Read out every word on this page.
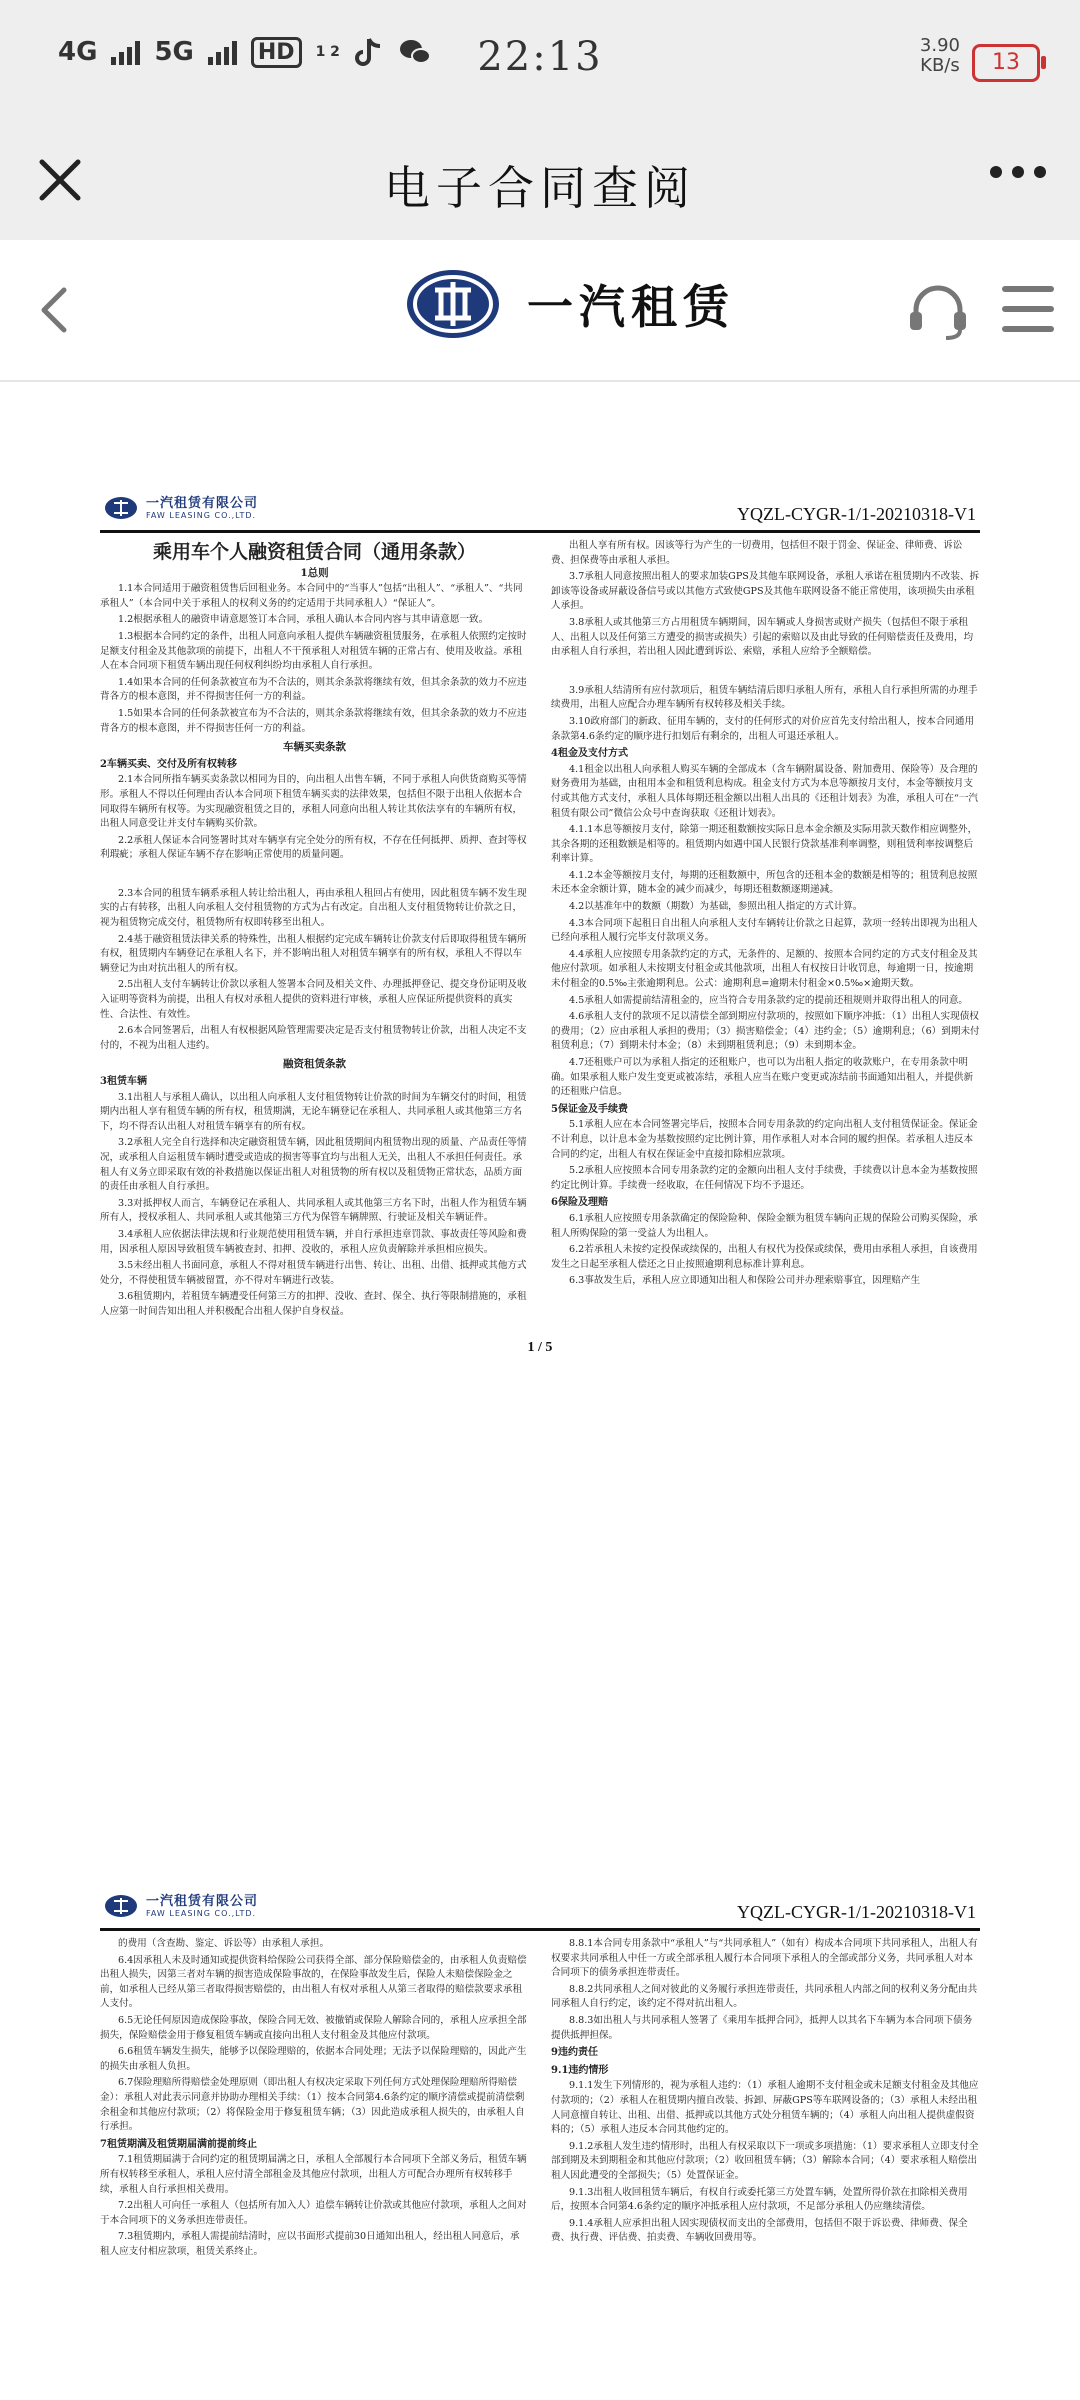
4G 5G	HD	1 2	22:13	3.90
KB/s	13
电子合同查阅
一汽租赁
一汽租赁有限公司
FAW LEASING CO.,LTD.	YQZL-CYGR-1/1-20210318-V1
乘用车个人融资租赁合同（通用条款）
1总则

1.1本合同适用于融资租赁售后回租业务。本合同中的“当事人”包括“出租人”、“承租人”、“共同承租人”（本合同中关于承租人的权利义务的约定适用于共同承租人）“保证人”。

1.2根据承租人的融资申请意愿签订本合同，承租人确认本合同内容与其申请意愿一致。

1.3根据本合同约定的条件，出租人同意向承租人提供车辆融资租赁服务，在承租人依照约定按时足额支付租金及其他款项的前提下，出租人不干预承租人对租赁车辆的正常占有、使用及收益。承租人在本合同项下租赁车辆出现任何权利纠纷均由承租人自行承担。

1.4如果本合同的任何条款被宣布为不合法的，则其余条款将继续有效，但其余条款的效力不应违背各方的根本意图，并不得损害任何一方的利益。

1.5如果本合同的任何条款被宣布为不合法的，则其余条款将继续有效，但其余条款的效力不应违背各方的根本意图，并不得损害任何一方的利益。

车辆买卖条款
2车辆买卖、交付及所有权转移

2.1本合同所指车辆买卖条款以相同为目的，向出租人出售车辆，不同于承租人向供货商购买等情形。承租人不得以任何理由否认本合同项下租赁车辆买卖的法律效果，包括但不限于出租人依据本合同取得车辆所有权等。为实现融资租赁之目的，承租人同意向出租人转让其依法享有的车辆所有权，出租人同意受让并支付车辆购买价款。

2.2承租人保证本合同签署时其对车辆享有完全处分的所有权，不存在任何抵押、质押、查封等权利瑕疵；承租人保证车辆不存在影响正常使用的质量问题。

2.3本合同的租赁车辆系承租人转让给出租人，再由承租人租回占有使用，因此租赁车辆不发生现实的占有转移，出租人向承租人交付租赁物的方式为占有改定。自出租人支付租赁物转让价款之日，视为租赁物完成交付，租赁物所有权即转移至出租人。

2.4基于融资租赁法律关系的特殊性，出租人根据约定完成车辆转让价款支付后即取得租赁车辆所有权，租赁期内车辆登记在承租人名下，并不影响出租人对租赁车辆享有的所有权，承租人不得以车辆登记为由对抗出租人的所有权。

2.5出租人支付车辆转让价款以承租人签署本合同及相关文件、办理抵押登记、提交身份证明及收入证明等资料为前提，出租人有权对承租人提供的资料进行审核，承租人应保证所提供资料的真实性、合法性、有效性。

2.6本合同签署后，出租人有权根据风险管理需要决定是否支付租赁物转让价款，出租人决定不支付的，不视为出租人违约。

融资租赁条款
3租赁车辆

3.1出租人与承租人确认，以出租人向承租人支付租赁物转让价款的时间为车辆交付的时间，租赁期内出租人享有租赁车辆的所有权，租赁期满，无论车辆登记在承租人、共同承租人或其他第三方名下，均不得否认出租人对租赁车辆享有的所有权。

3.2承租人完全自行选择和决定融资租赁车辆，因此租赁期间内租赁物出现的质量、产品责任等情况，或承租人自运租赁车辆时遭受或造成的损害等事宜均与出租人无关，出租人不承担任何责任。承租人有义务立即采取有效的补救措施以保证出租人对租赁物的所有权以及租赁物正常状态，品质方面的责任由承租人自行承担。

3.3对抵押权人而言，车辆登记在承租人、共同承租人或其他第三方名下时，出租人作为租赁车辆所有人，授权承租人、共同承租人或其他第三方代为保管车辆牌照、行驶证及相关车辆证件。

3.4承租人应依据法律法规和行业规范使用租赁车辆，并自行承担违章罚款、事故责任等风险和费用，因承租人原因导致租赁车辆被查封、扣押、没收的，承租人应负责解除并承担相应损失。

3.5未经出租人书面同意，承租人不得对租赁车辆进行出售、转让、出租、出借、抵押或其他方式处分，不得使租赁车辆被留置，亦不得对车辆进行改装。

3.6租赁期内，若租赁车辆遭受任何第三方的扣押、没收、查封、保全、执行等限制措施的，承租人应第一时间告知出租人并积极配合出租人保护自身权益。

出租人享有所有权。因该等行为产生的一切费用，包括但不限于罚金、保证金、律师费、诉讼费、担保费等由承租人承担。

3.7承租人同意按照出租人的要求加装GPS及其他车联网设备，承租人承诺在租赁期内不改装、拆卸该等设备或屏蔽设备信号或以其他方式致使GPS及其他车联网设备不能正常使用，该项损失由承租人承担。

3.8承租人或其他第三方占用租赁车辆期间，因车辆或人身损害或财产损失（包括但不限于承租人、出租人以及任何第三方遭受的损害或损失）引起的索赔以及由此导致的任何赔偿责任及费用，均由承租人自行承担，若出租人因此遭到诉讼、索赔，承租人应给予全额赔偿。

3.9承租人结清所有应付款项后，租赁车辆结清后即归承租人所有，承租人自行承担所需的办理手续费用，出租人应配合办理车辆所有权转移及相关手续。

3.10政府部门的新政、征用车辆的，支付的任何形式的对价应首先支付给出租人，按本合同通用条款第4.6条约定的顺序进行扣划后有剩余的，出租人可退还承租人。

4租金及支付方式

4.1租金以出租人向承租人购买车辆的全部成本（含车辆附属设备、附加费用、保险等）及合理的财务费用为基础，由租用本金和租赁利息构成。租金支付方式为本息等额按月支付，本金等额按月支付或其他方式支付，承租人具体每期还租金额以出租人出具的《还租计划表》为准，承租人可在“一汽租赁有限公司”微信公众号中查询获取《还租计划表》。

4.1.1本息等额按月支付，除第一期还租数额按实际日息本金余额及实际用款天数作相应调整外，其余各期的还租数额是相等的。租赁期内如遇中国人民银行贷款基准利率调整，则租赁利率按调整后利率计算。

4.1.2本金等额按月支付，每期的还租数额中，所包含的还租本金的数额是相等的；租赁利息按照未还本金余额计算，随本金的减少而减少，每期还租数额逐期递减。

4.2以基准年中的数额（期数）为基础，参照出租人指定的方式计算。

4.3本合同项下起租日自出租人向承租人支付车辆转让价款之日起算，款项一经转出即视为出租人已经向承租人履行完毕支付款项义务。

4.4承租人应按照专用条款约定的方式，无条件的、足额的、按照本合同约定的方式支付租金及其他应付款项。如承租人未按期支付租金或其他款项，出租人有权按日计收罚息，每逾期一日，按逾期未付租金的0.5‰主张逾期利息。公式：逾期利息=逾期未付租金×0.5‰×逾期天数。

4.5承租人如需提前结清租金的，应当符合专用条款约定的提前还租规则并取得出租人的同意。

4.6承租人支付的款项不足以清偿全部到期应付款项的，按照如下顺序冲抵：（1）出租人实现债权的费用；（2）应由承租人承担的费用；（3）损害赔偿金；（4）违约金；（5）逾期利息；（6）到期未付租赁利息；（7）到期未付本金；（8）未到期租赁利息；（9）未到期本金。

4.7还租账户可以为承租人指定的还租账户，也可以为出租人指定的收款账户，在专用条款中明确。如果承租人账户发生变更或被冻结，承租人应当在账户变更或冻结前书面通知出租人，并提供新的还租账户信息。

5保证金及手续费

5.1承租人应在本合同签署完毕后，按照本合同专用条款的约定向出租人支付租赁保证金。保证金不计利息，以计息本金为基数按照约定比例计算，用作承租人对本合同的履约担保。若承租人违反本合同的约定，出租人有权在保证金中直接扣除相应款项。

5.2承租人应按照本合同专用条款约定的金额向出租人支付手续费，手续费以计息本金为基数按照约定比例计算。手续费一经收取，在任何情况下均不予退还。

6保险及理赔

6.1承租人应按照专用条款确定的保险险种、保险金额为租赁车辆向正规的保险公司购买保险，承租人所购保险的第一受益人为出租人。

6.2若承租人未按约定投保或续保的，出租人有权代为投保或续保，费用由承租人承担，自该费用发生之日起至承租人偿还之日止按照逾期利息标准计算利息。

6.3事故发生后，承租人应立即通知出租人和保险公司并办理索赔事宜，因理赔产生

1 / 5
一汽租赁有限公司
FAW LEASING CO.,LTD.	YQZL-CYGR-1/1-20210318-V1

的费用（含查勘、鉴定、诉讼等）由承租人承担。

6.4因承租人未及时通知或提供资料给保险公司获得全部、部分保险赔偿金的，由承租人负责赔偿出租人损失，因第三者对车辆的损害造成保险事故的，在保险事故发生后，保险人未赔偿保险金之前，如承租人已经从第三者取得损害赔偿的，由出租人有权对承租人从第三者取得的赔偿款要求承租人支付。

6.5无论任何原因造成保险事故，保险合同无效、被撤销或保险人解除合同的，承租人应承担全部损失，保险赔偿金用于修复租赁车辆或直接向出租人支付租金及其他应付款项。

6.6租赁车辆发生损失，能够予以保险理赔的，依据本合同处理；无法予以保险理赔的，因此产生的损失由承租人负担。

6.7保险理赔所得赔偿金处理原则（即出租人有权决定采取下列任何方式处理保险理赔所得赔偿金）：承租人对此表示同意并协助办理相关手续：（1）按本合同第4.6条约定的顺序清偿或提前清偿剩余租金和其他应付款项；（2）将保险金用于修复租赁车辆；（3）因此造成承租人损失的，由承租人自行承担。

7租赁期满及租赁期届满前提前终止

7.1租赁期届满于合同约定的租赁期届满之日，承租人全部履行本合同项下全部义务后，租赁车辆所有权转移至承租人，承租人应付清全部租金及其他应付款项，出租人方可配合办理所有权转移手续，承租人自行承担相关费用。

7.2出租人可向任一承租人（包括所有加入人）追偿车辆转让价款或其他应付款项，承租人之间对于本合同项下的义务承担连带责任。

7.3租赁期内，承租人需提前结清时，应以书面形式提前30日通知出租人，经出租人同意后，承租人应支付相应款项，租赁关系终止。

8.8.1本合同专用条款中“承租人”与“共同承租人”（如有）构成本合同项下共同承租人，出租人有权要求共同承租人中任一方或全部承租人履行本合同项下承租人的全部或部分义务，共同承租人对本合同项下的债务承担连带责任。

8.8.2共同承租人之间对彼此的义务履行承担连带责任，共同承租人内部之间的权利义务分配由共同承租人自行约定，该约定不得对抗出租人。

8.8.3如出租人与共同承租人签署了《乘用车抵押合同》，抵押人以其名下车辆为本合同项下债务提供抵押担保。

9违约责任
9.1违约情形

9.1.1发生下列情形的，视为承租人违约：（1）承租人逾期不支付租金或未足额支付租金及其他应付款项的；（2）承租人在租赁期内擅自改装、拆卸、屏蔽GPS等车联网设备的；（3）承租人未经出租人同意擅自转让、出租、出借、抵押或以其他方式处分租赁车辆的；（4）承租人向出租人提供虚假资料的；（5）承租人违反本合同其他约定的。

9.1.2承租人发生违约情形时，出租人有权采取以下一项或多项措施：（1）要求承租人立即支付全部到期及未到期租金和其他应付款项；（2）收回租赁车辆；（3）解除本合同；（4）要求承租人赔偿出租人因此遭受的全部损失；（5）处置保证金。

9.1.3出租人收回租赁车辆后，有权自行或委托第三方处置车辆，处置所得价款在扣除相关费用后，按照本合同第4.6条约定的顺序冲抵承租人应付款项，不足部分承租人仍应继续清偿。

9.1.4承租人应承担出租人因实现债权而支出的全部费用，包括但不限于诉讼费、律师费、保全费、执行费、评估费、拍卖费、车辆收回费用等。
